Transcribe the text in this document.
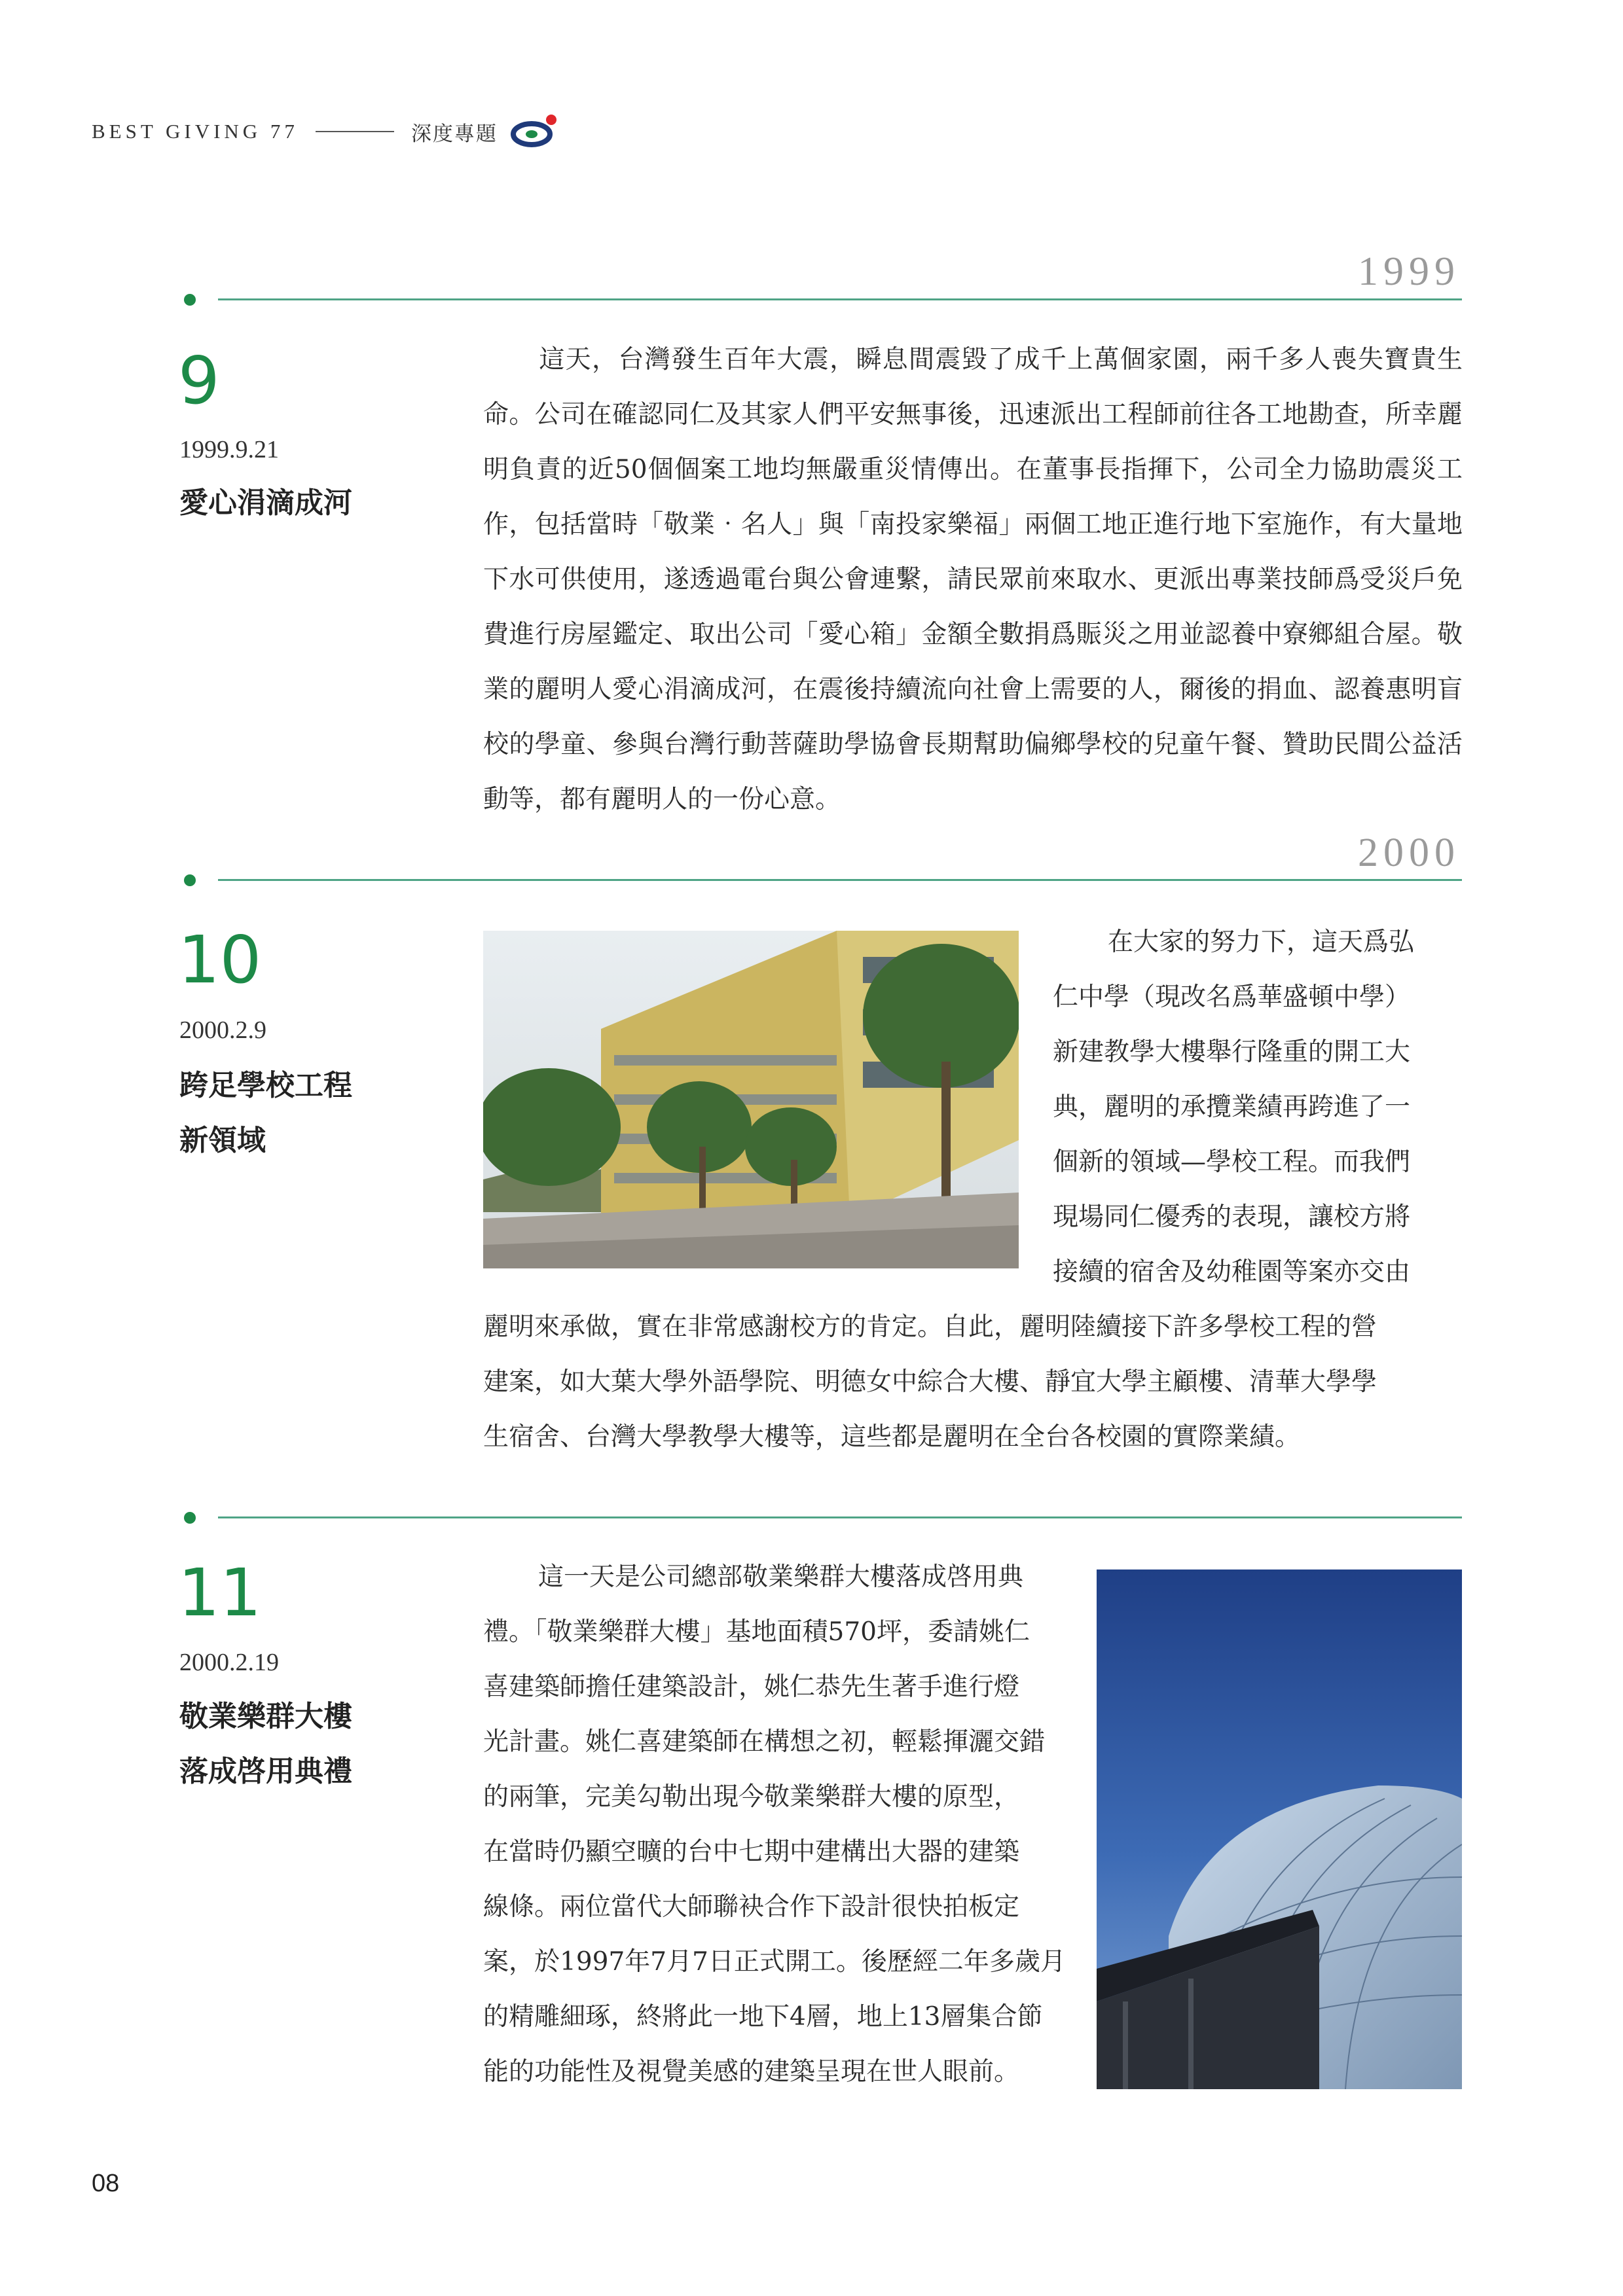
BEST GIVING 77	深度專題
1999
9
1999.9.21
愛心涓滴成河
這天，台灣發生百年大震，瞬息間震毀了成千上萬個家園，兩千多人喪失寶貴生命。公司在確認同仁及其家人們平安無事後，迅速派出工程師前往各工地勘查，所幸麗明負責的近50個個案工地均無嚴重災情傳出。在董事長指揮下，公司全力協助震災工作，包括當時「敬業‧名人」與「南投家樂福」兩個工地正進行地下室施作，有大量地下水可供使用，遂透過電台與公會連繫，請民眾前來取水、更派出專業技師爲受災戶免費進行房屋鑑定、取出公司「愛心箱」金額全數捐爲賑災之用並認養中寮鄉組合屋。敬業的麗明人愛心涓滴成河，在震後持續流向社會上需要的人，爾後的捐血、認養惠明盲校的學童、參與台灣行動菩薩助學協會長期幫助偏鄉學校的兒童午餐、贊助民間公益活動等，都有麗明人的一份心意。
2000
10
2000.2.9
跨足學校工程
新領域
在大家的努力下，這天爲弘
仁中學（現改名爲華盛頓中學）
新建教學大樓舉行隆重的開工大
典，麗明的承攬業績再跨進了一
個新的領域—學校工程。而我們
現場同仁優秀的表現，讓校方將
接續的宿舍及幼稚園等案亦交由
麗明來承做，實在非常感謝校方的肯定。自此，麗明陸續接下許多學校工程的營
建案，如大葉大學外語學院、明德女中綜合大樓、靜宜大學主顧樓、清華大學學
生宿舍、台灣大學教學大樓等，這些都是麗明在全台各校園的實際業績。
11
2000.2.19
敬業樂群大樓
落成啓用典禮
這一天是公司總部敬業樂群大樓落成啓用典
禮。「敬業樂群大樓」基地面積570坪，委請姚仁
喜建築師擔任建築設計，姚仁恭先生著手進行燈
光計畫。姚仁喜建築師在構想之初，輕鬆揮灑交錯
的兩筆，完美勾勒出現今敬業樂群大樓的原型，
在當時仍顯空曠的台中七期中建構出大器的建築
線條。兩位當代大師聯袂合作下設計很快拍板定
案，於1997年7月7日正式開工。後歷經二年多歲月
的精雕細琢，終將此一地下4層，地上13層集合節
能的功能性及視覺美感的建築呈現在世人眼前。
08
